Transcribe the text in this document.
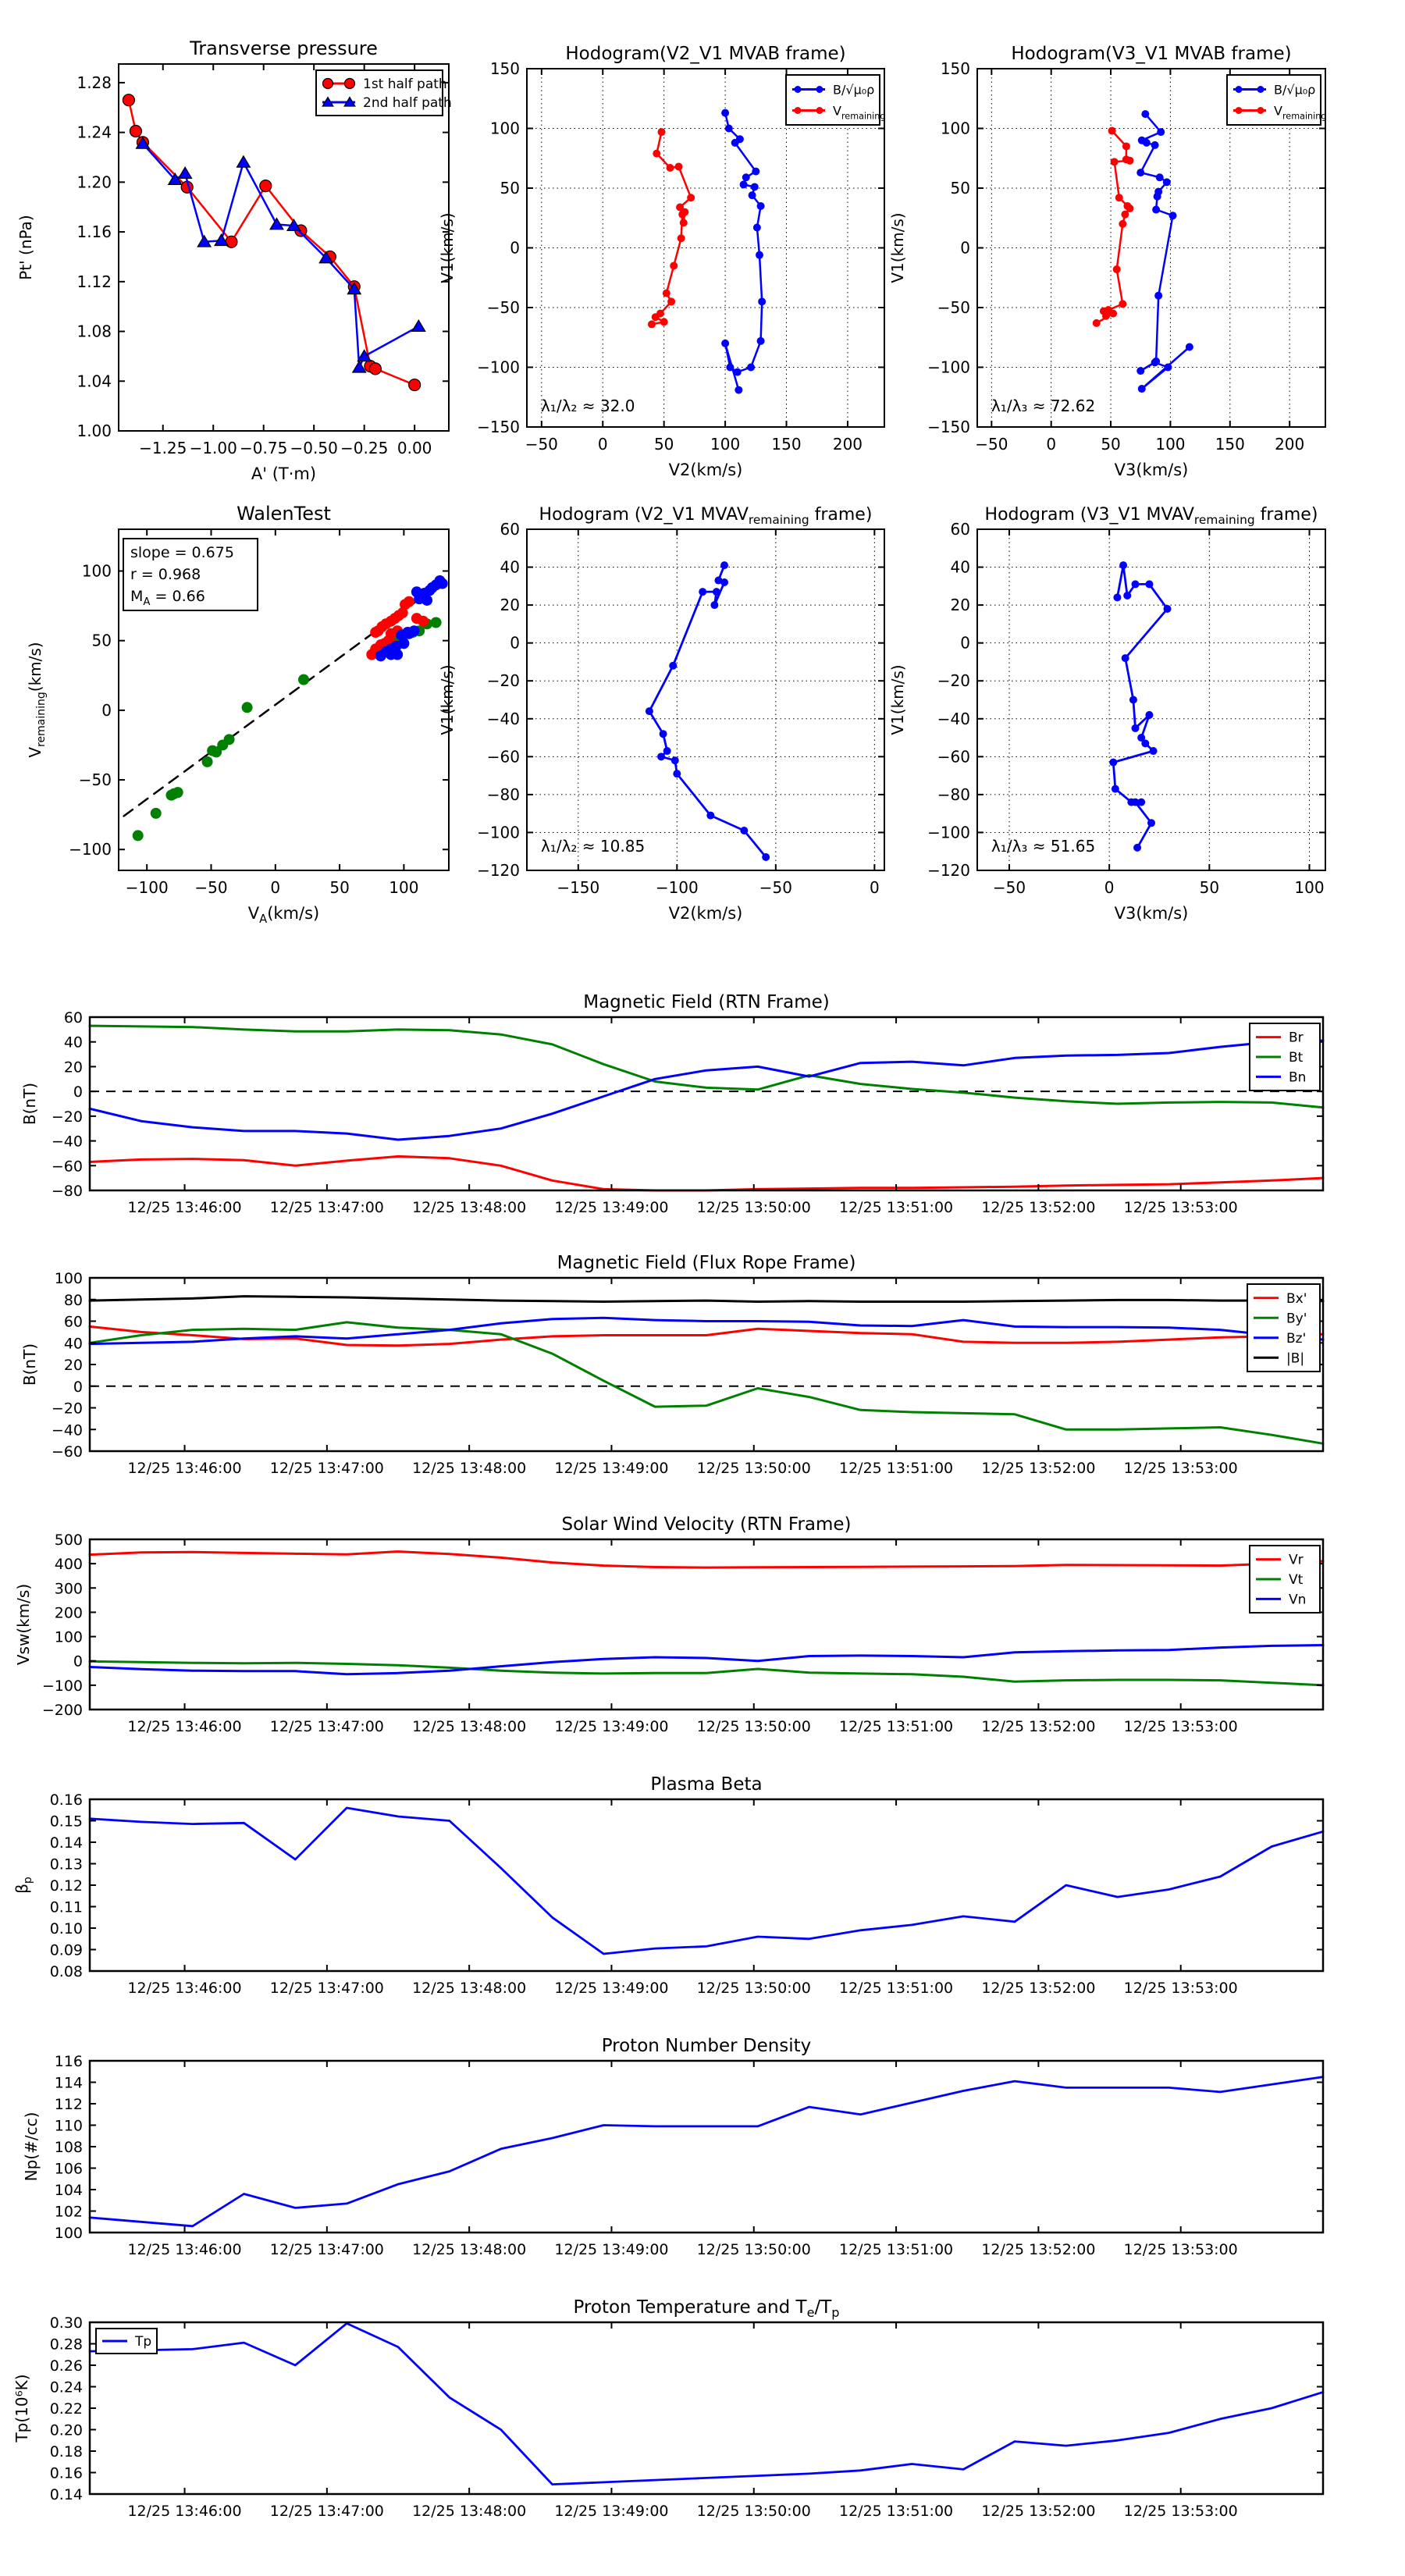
−1.25 −1.00 −0.75 −0.50 −0.25 0.00
1.00
1.04
1.08
1.12
1.16
1.20
1.24
1.28
Transverse pressure
A' (T·m)
Pt' (nPa)
1st half path
2nd half path
−50	0	50 100 150 200
−150
−100
−50
0
50
100
150
Hodogram(V2_V1 MVAB frame)
V2(km/s)
V1(km/s)
λ₁/λ₂ ≈ 32.0
B/√μ₀ρ
$V_{remaining}$
−50 0	50 100 150 200
−150
−100
−50
0
50
100
150
Hodogram(V3_V1 MVAB frame)
V3(km/s)
V1(km/s)
λ₁/λ₃ ≈ 72.62
B/√μ₀ρ
$V_{remaining}$
−100 −50	0	50	100
−100
−50
0
50
100
WalenTest
$V_A(km/s)$
$V_{remaining}(km/s)$
slope = 0.675
r = 0.968
$M_A = 0.66$
−150	−100	−50	0
−120
−100
−80
−60
−40
−20
0
20
40
60
Hodogram (V2_V1 $MVAV_{remaining}$ frame)
V2(km/s)
V1(km/s)
λ₁/λ₂ ≈ 10.85
−50	0	50	100
−120
−100
−80
−60
−40
−20
0
20
40
60
Hodogram (V3_V1 $MVAV_{remaining}$ frame)
V3(km/s)
V1(km/s)
λ₁/λ₃ ≈ 51.65
12/25 13:46:00 12/25 13:47:00 12/25 13:48:00 12/25 13:49:00 12/25 13:50:00 12/25 13:51:00 12/25 13:52:00 12/25 13:53:00
−80
−60
−40
−20
0
20
40
60
Magnetic Field (RTN Frame)
B(nT)
Br
Bt
Bn
12/25 13:46:00 12/25 13:47:00 12/25 13:48:00 12/25 13:49:00 12/25 13:50:00 12/25 13:51:00 12/25 13:52:00 12/25 13:53:00
−60
−40
−20
0
20
40
60
80
100
Magnetic Field (Flux Rope Frame)
B(nT)
Bx'
By'
Bz'
|B|
12/25 13:46:00 12/25 13:47:00 12/25 13:48:00 12/25 13:49:00 12/25 13:50:00 12/25 13:51:00 12/25 13:52:00 12/25 13:53:00
−200
−100
0
100
200
300
400
500
Solar Wind Velocity (RTN Frame)
Vsw(km/s)
Vr
Vt
Vn
12/25 13:46:00 12/25 13:47:00 12/25 13:48:00 12/25 13:49:00 12/25 13:50:00 12/25 13:51:00 12/25 13:52:00 12/25 13:53:00
0.08
0.09
0.10
0.11
0.12
0.13
0.14
0.15
0.16
Plasma Beta
$\beta_p$
12/25 13:46:00 12/25 13:47:00 12/25 13:48:00 12/25 13:49:00 12/25 13:50:00 12/25 13:51:00 12/25 13:52:00 12/25 13:53:00
100
102
104
106
108
110
112
114
116
Proton Number Density
Np(#/cc)
12/25 13:46:00 12/25 13:47:00 12/25 13:48:00 12/25 13:49:00 12/25 13:50:00 12/25 13:51:00 12/25 13:52:00 12/25 13:53:00
0.14
0.16
0.18
0.20
0.22
0.24
0.26
0.28
0.30
Proton Temperature and $T_e/T_p$
Tp(10⁶K)
Tp
